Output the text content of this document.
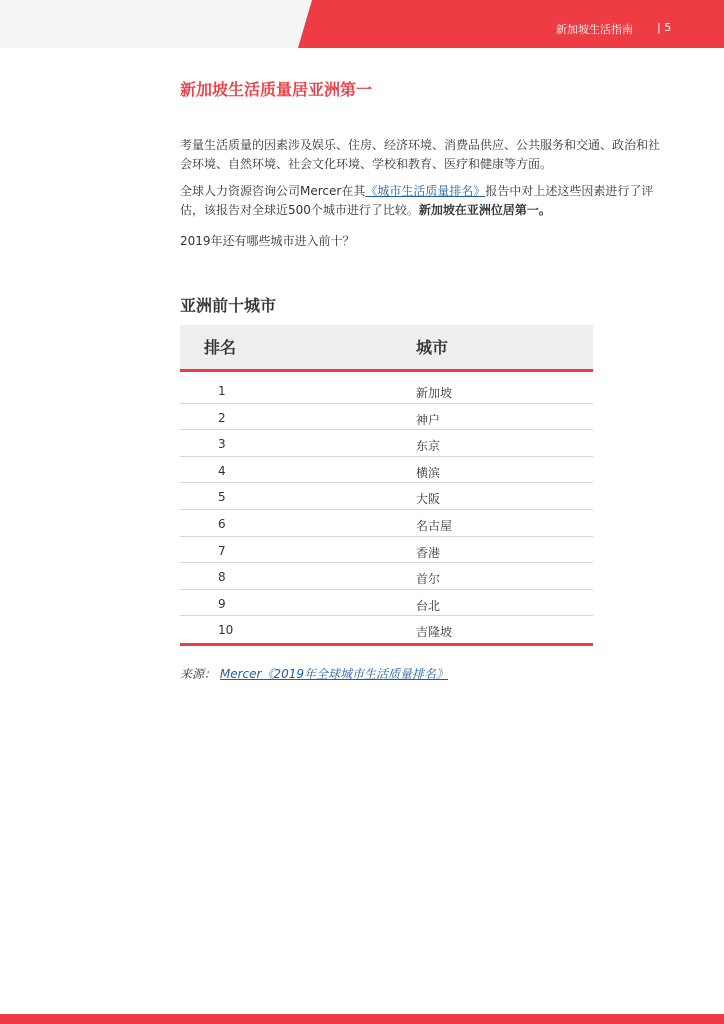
新加坡生活指南 | 5
新加坡生活质量居亚洲第一

考量生活质量的因素涉及娱乐、住房、经济环境、消费品供应、公共服务和交通、政治和社会环境、自然环境、社会文化环境、学校和教育、医疗和健康等方面。

全球人力资源咨询公司Mercer在其《城市生活质量排名》报告中对上述这些因素进行了评估，该报告对全球近500个城市进行了比较。新加坡在亚洲位居第一。

2019年还有哪些城市进入前十？

亚洲前十城市
排名	城市
1	新加坡
2	神户
3	东京
4	横滨
5	大阪
6	名古屋
7	香港
8	首尔
9	台北
10	吉隆坡
来源： Mercer《2019年全球城市生活质量排名》
